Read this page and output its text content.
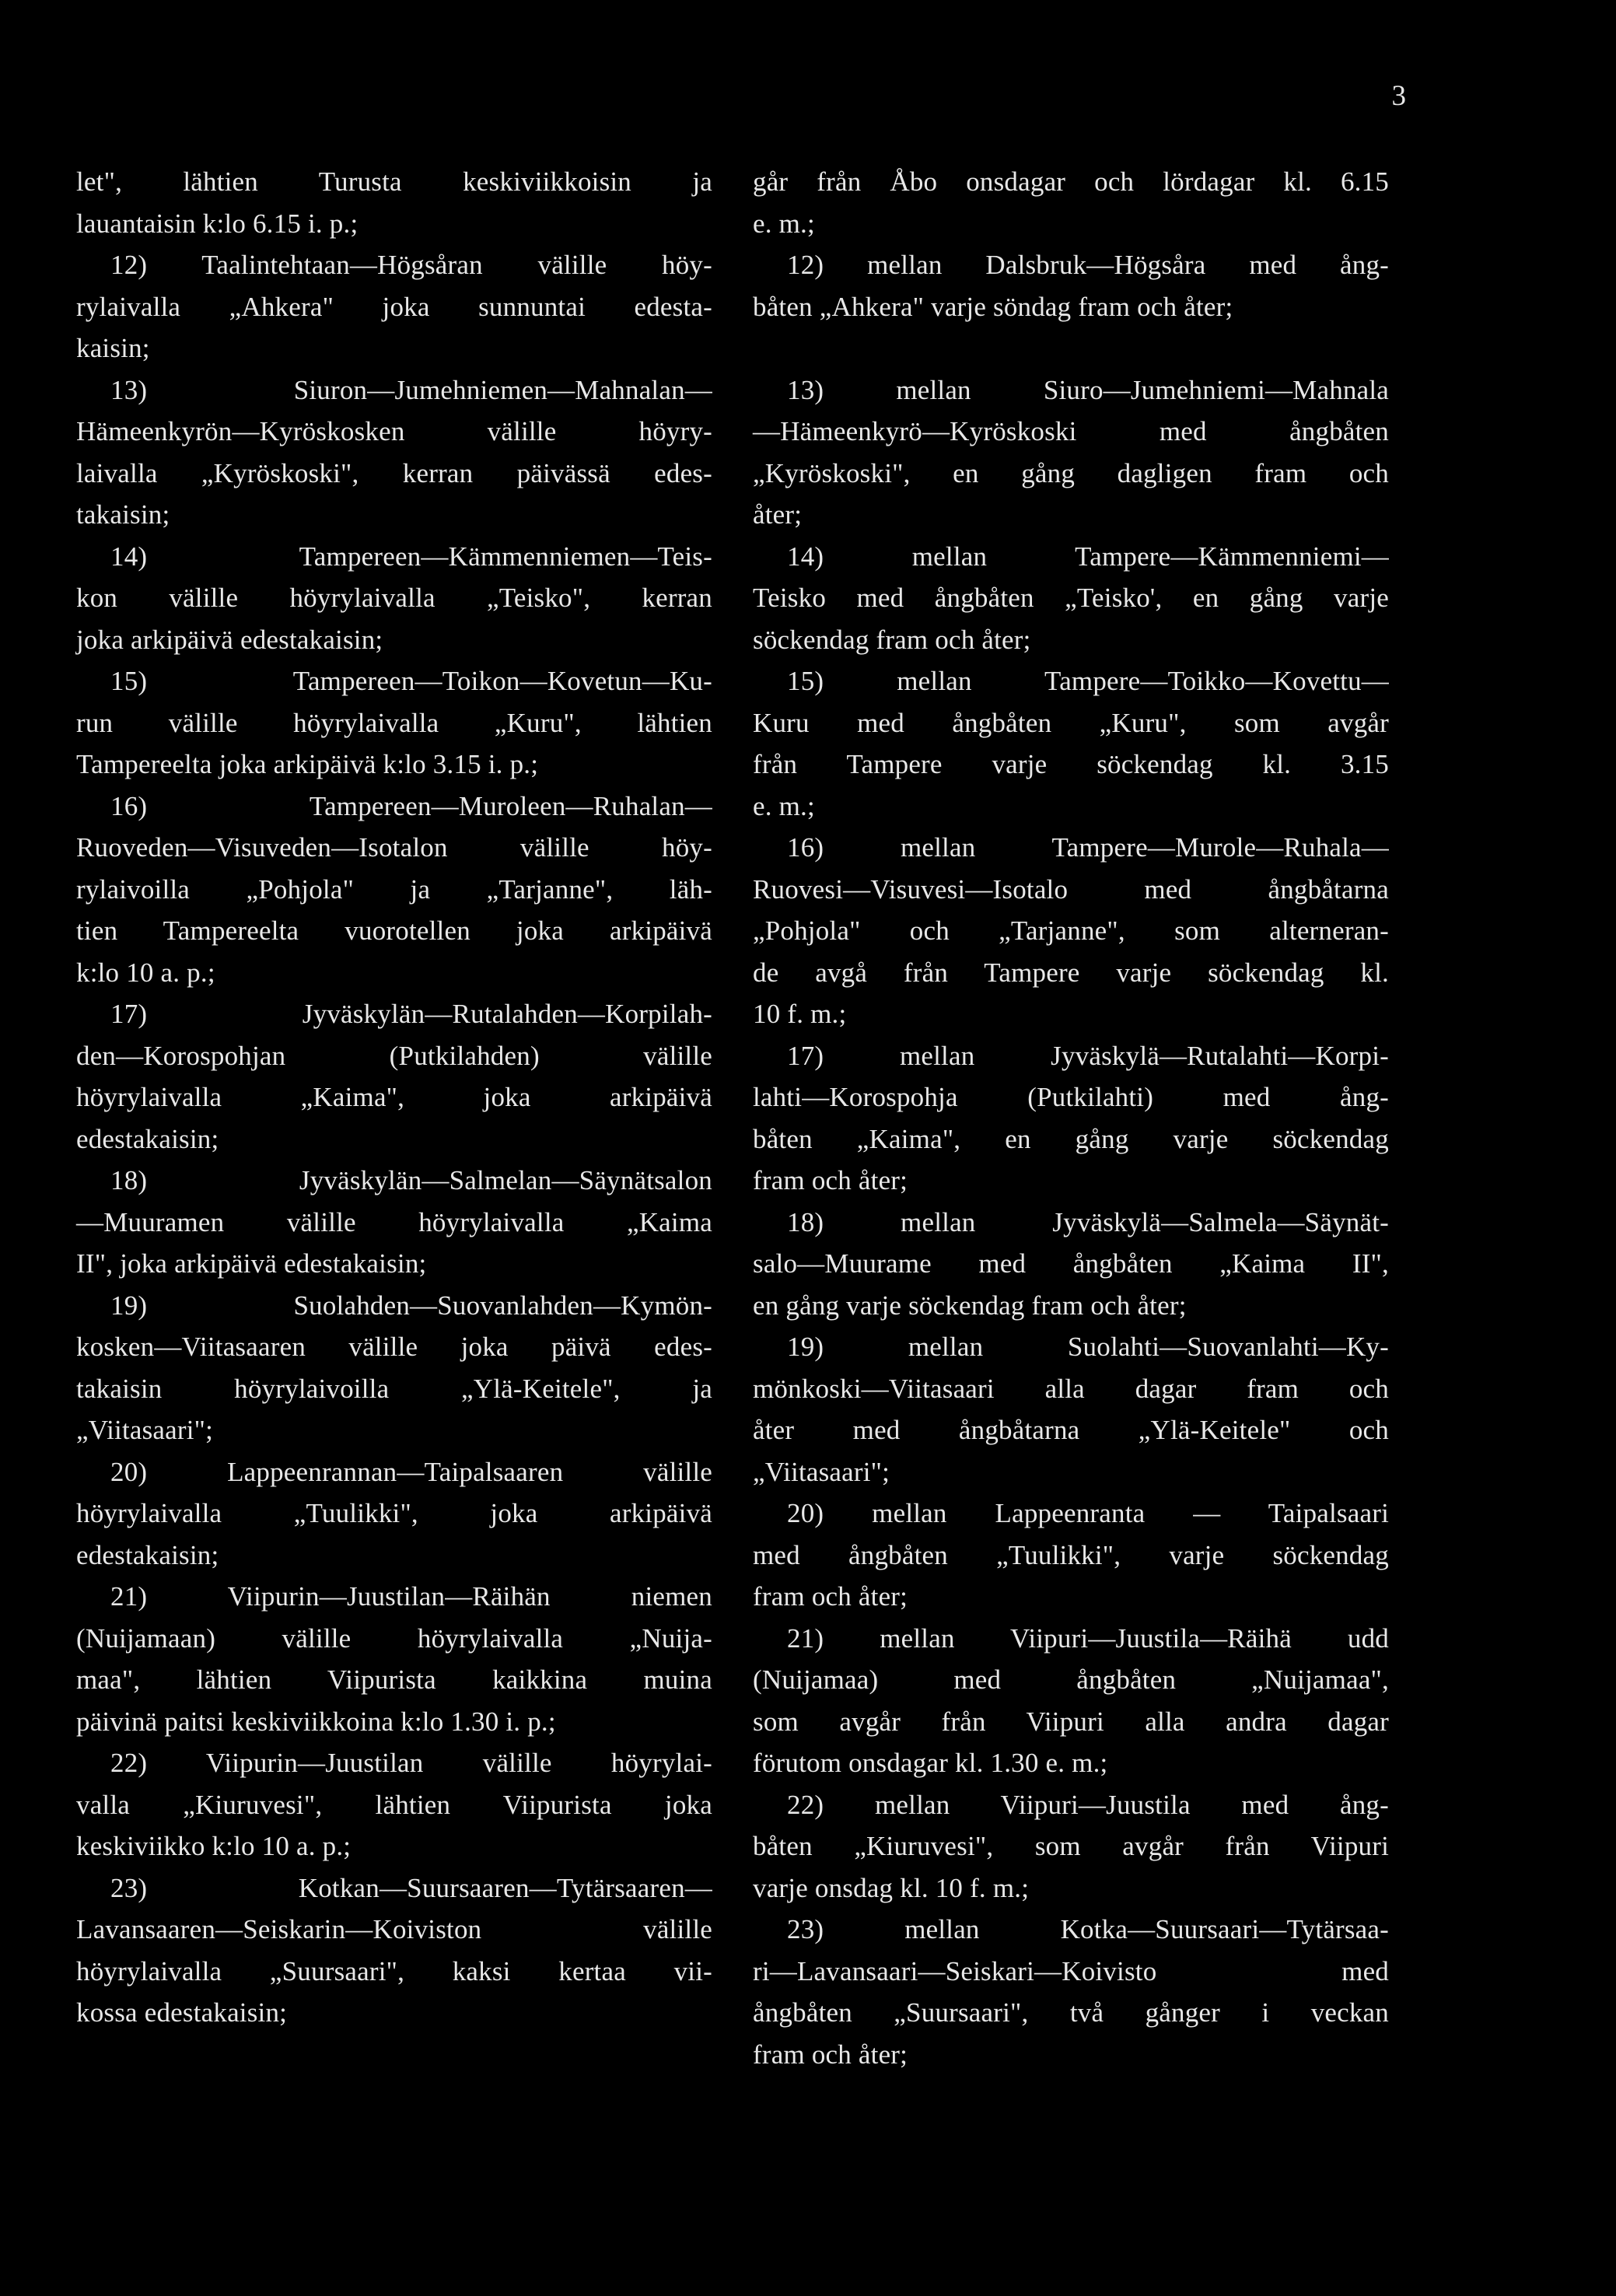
3
let", lähtien Turusta keskiviikkoisin ja
lauantaisin k:lo 6.15 i. p.;
12) Taalintehtaan—Högsåran välille höy-
rylaivalla „Ahkera" joka sunnuntai edesta-
kaisin;
13) Siuron—Jumehniemen—Mahnalan—
Hämeenkyrön—Kyröskosken välille höyry-
laivalla „Kyröskoski", kerran päivässä edes-
takaisin;
14) Tampereen—Kämmenniemen—Teis-
kon välille höyrylaivalla „Teisko", kerran
joka arkipäivä edestakaisin;
15) Tampereen—Toikon—Kovetun—Ku-
run välille höyrylaivalla „Kuru", lähtien
Tampereelta joka arkipäivä k:lo 3.15 i. p.;
16) Tampereen—Muroleen—Ruhalan—
Ruoveden—Visuveden—Isotalon välille höy-
rylaivoilla „Pohjola" ja „Tarjanne", läh-
tien Tampereelta vuorotellen joka arkipäivä
k:lo 10 a. p.;
17) Jyväskylän—Rutalahden—Korpilah-
den—Korospohjan (Putkilahden) välille
höyrylaivalla „Kaima", joka arkipäivä
edestakaisin;
18) Jyväskylän—Salmelan—Säynätsalon
—Muuramen välille höyrylaivalla „Kaima
II", joka arkipäivä edestakaisin;
19) Suolahden—Suovanlahden—Kymön-
kosken—Viitasaaren välille joka päivä edes-
takaisin höyrylaivoilla „Ylä-Keitele", ja
„Viitasaari";
20) Lappeenrannan—Taipalsaaren välille
höyrylaivalla „Tuulikki", joka arkipäivä
edestakaisin;
21) Viipurin—Juustilan—Räihän niemen
(Nuijamaan) välille höyrylaivalla „Nuija-
maa", lähtien Viipurista kaikkina muina
päivinä paitsi keskiviikkoina k:lo 1.30 i. p.;
22) Viipurin—Juustilan välille höyrylai-
valla „Kiuruvesi", lähtien Viipurista joka
keskiviikko k:lo 10 a. p.;
23) Kotkan—Suursaaren—Tytärsaaren—
Lavansaaren—Seiskarin—Koiviston välille
höyrylaivalla „Suursaari", kaksi kertaa vii-
kossa edestakaisin;
går från Åbo onsdagar och lördagar kl. 6.15
e. m.;
12) mellan Dalsbruk—Högsåra med ång-
båten „Ahkera" varje söndag fram och åter;
13) mellan Siuro—Jumehniemi—Mahnala
—Hämeenkyrö—Kyröskoski med ångbåten
„Kyröskoski", en gång dagligen fram och
åter;
14) mellan Tampere—Kämmenniemi—
Teisko med ångbåten „Teisko', en gång varje
söckendag fram och åter;
15) mellan Tampere—Toikko—Kovettu—
Kuru med ångbåten „Kuru", som avgår
från Tampere varje söckendag kl. 3.15
e. m.;
16) mellan Tampere—Murole—Ruhala—
Ruovesi—Visuvesi—Isotalo med ångbåtarna
„Pohjola" och „Tarjanne", som alterneran-
de avgå från Tampere varje söckendag kl.
10 f. m.;
17) mellan Jyväskylä—Rutalahti—Korpi-
lahti—Korospohja (Putkilahti) med ång-
båten „Kaima", en gång varje söckendag
fram och åter;
18) mellan Jyväskylä—Salmela—Säynät-
salo—Muurame med ångbåten „Kaima II",
en gång varje söckendag fram och åter;
19) mellan Suolahti—Suovanlahti—Ky-
mönkoski—Viitasaari alla dagar fram och
åter med ångbåtarna „Ylä-Keitele" och
„Viitasaari";
20) mellan Lappeenranta — Taipalsaari
med ångbåten „Tuulikki", varje söckendag
fram och åter;
21) mellan Viipuri—Juustila—Räihä udd
(Nuijamaa) med ångbåten „Nuijamaa",
som avgår från Viipuri alla andra dagar
förutom onsdagar kl. 1.30 e. m.;
22) mellan Viipuri—Juustila med ång-
båten „Kiuruvesi", som avgår från Viipuri
varje onsdag kl. 10 f. m.;
23) mellan Kotka—Suursaari—Tytärsaa-
ri—Lavansaari—Seiskari—Koivisto med
ångbåten „Suursaari", två gånger i veckan
fram och åter;
